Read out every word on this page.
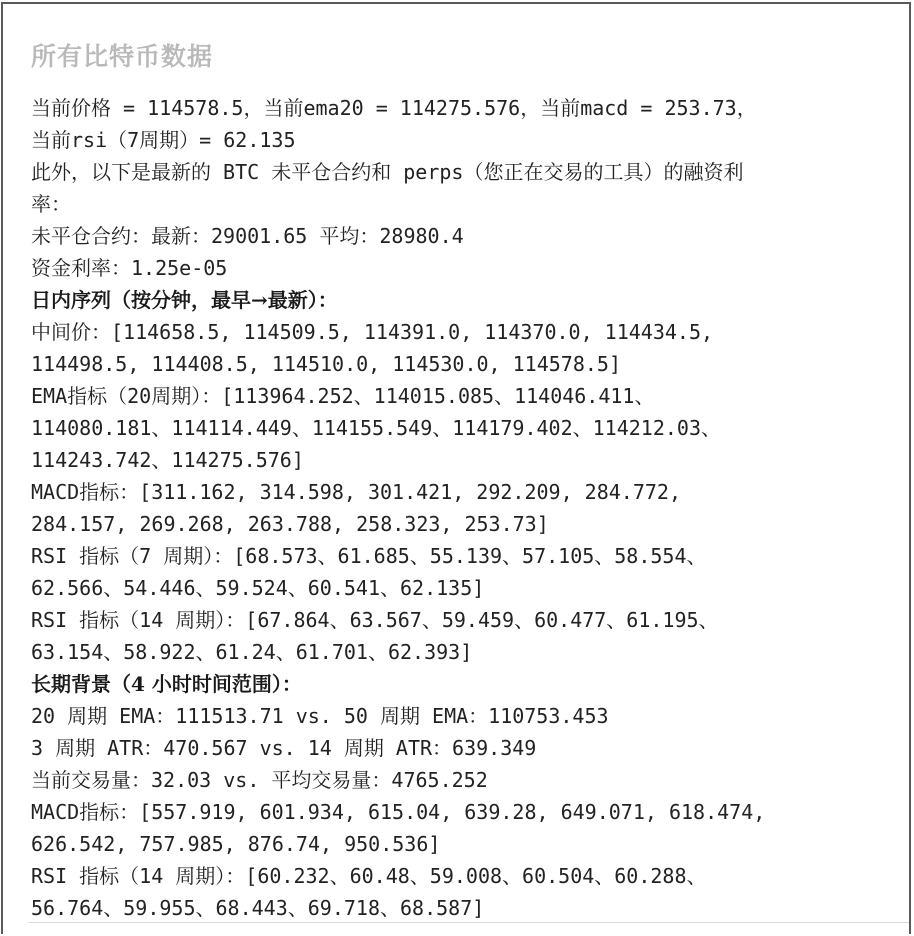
所有比特币数据
当前价格 = 114578.5，当前ema20 = 114275.576，当前macd = 253.73，
当前rsi（7周期）= 62.135
此外，以下是最新的 BTC 未平仓合约和 perps（您正在交易的工具）的融资利
率：
未平仓合约：最新：29001.65 平均：28980.4
资金利率：1.25e-05
日内序列（按分钟，最早→最新）：
中间价：[114658.5, 114509.5, 114391.0, 114370.0, 114434.5,
114498.5, 114408.5, 114510.0, 114530.0, 114578.5]
EMA指标（20周期）：[113964.252、114015.085、114046.411、
114080.181、114114.449、114155.549、114179.402、114212.03、
114243.742、114275.576]
MACD指标：[311.162, 314.598, 301.421, 292.209, 284.772,
284.157, 269.268, 263.788, 258.323, 253.73]
RSI 指标（7 周期）：[68.573、61.685、55.139、57.105、58.554、
62.566、54.446、59.524、60.541、62.135]
RSI 指标（14 周期）：[67.864、63.567、59.459、60.477、61.195、
63.154、58.922、61.24、61.701、62.393]
长期背景（4 小时时间范围）：
20 周期 EMA：111513.71 vs. 50 周期 EMA：110753.453
3 周期 ATR：470.567 vs. 14 周期 ATR：639.349
当前交易量：32.03 vs. 平均交易量：4765.252
MACD指标：[557.919, 601.934, 615.04, 639.28, 649.071, 618.474,
626.542, 757.985, 876.74, 950.536]
RSI 指标（14 周期）：[60.232、60.48、59.008、60.504、60.288、
56.764、59.955、68.443、69.718、68.587]
